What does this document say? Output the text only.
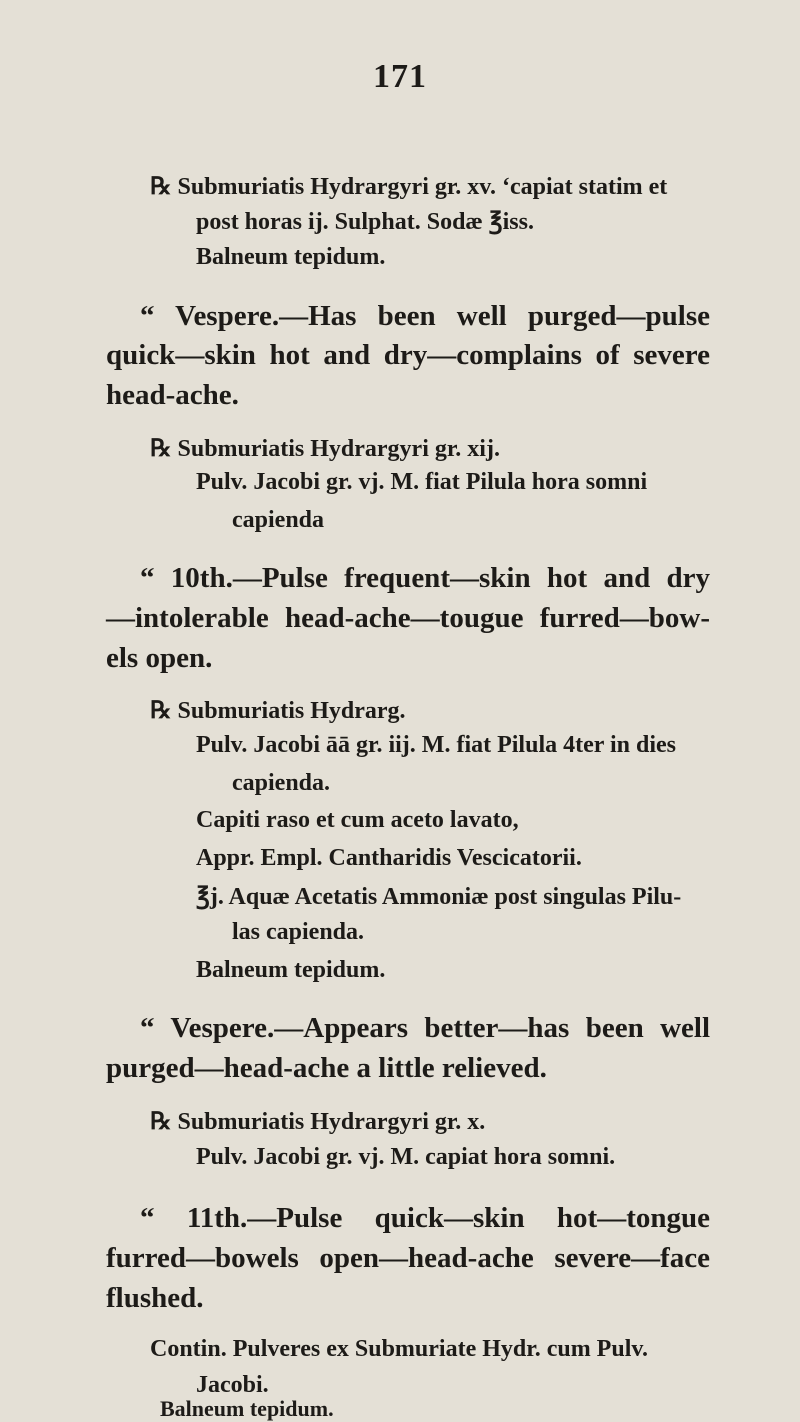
171
℞ Submuriatis Hydrargyri gr. xv. ‘capiat statim et
post horas ij. Sulphat. Sodæ ℥iss.
Balneum tepidum.
“ Vespere.—Has been well purged—pulse
quick—skin hot and dry—complains of severe
head-ache.
℞ Submuriatis Hydrargyri gr. xij.
Pulv. Jacobi gr. vj. M. fiat Pilula hora somni
capienda
“ 10th.—Pulse frequent—skin hot and dry
—intolerable head-ache—tougue furred—bow-
els open.
℞ Submuriatis Hydrarg.
Pulv. Jacobi āā gr. iij. M. fiat Pilula 4ter in dies
capienda.
Capiti raso et cum aceto lavato,
Appr. Empl. Cantharidis Vescicatorii.
℥j. Aquæ Acetatis Ammoniæ post singulas Pilu-
las capienda.
Balneum tepidum.
“ Vespere.—Appears better—has been well
purged—head-ache a little relieved.
℞ Submuriatis Hydrargyri gr. x.
Pulv. Jacobi gr. vj. M. capiat hora somni.
“ 11th.—Pulse quick—skin hot—tongue
furred—bowels open—head-ache severe—face
flushed.
Contin. Pulveres ex Submuriate Hydr. cum Pulv.
Jacobi.
Balneum tepidum.
